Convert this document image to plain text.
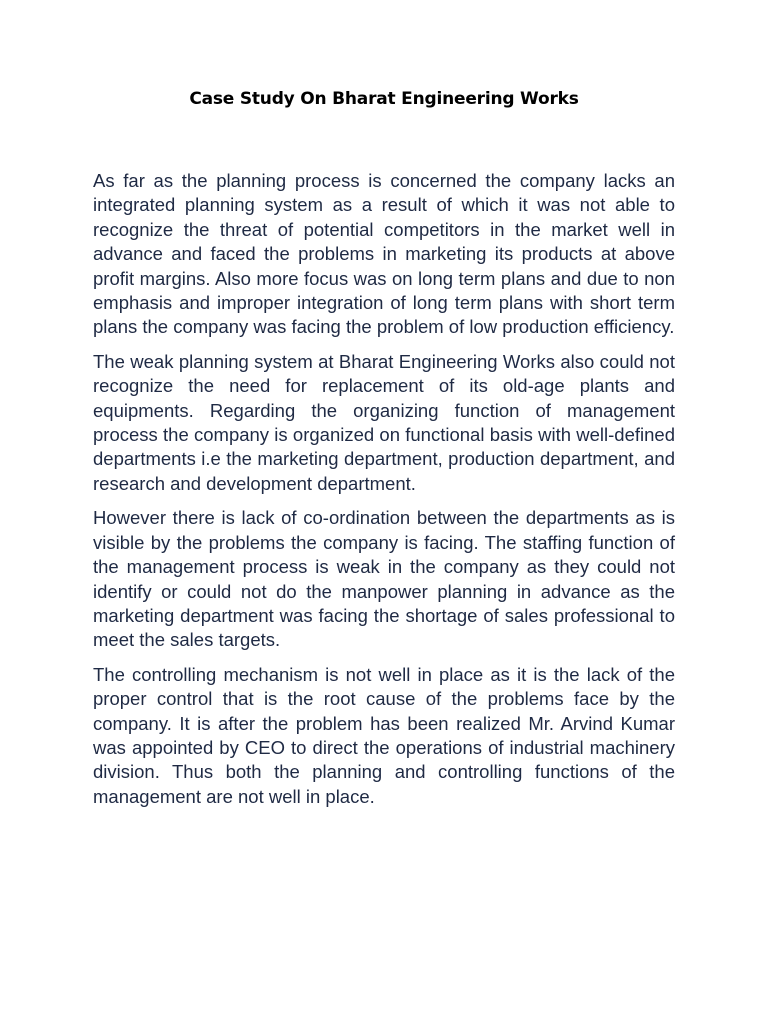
Case Study On Bharat Engineering Works

As far as the planning process is concerned the company lacks an integrated planning system as a result of which it was not able to recognize the threat of potential competitors in the market well in advance and faced the problems in marketing its products at above profit margins. Also more focus was on long term plans and due to non emphasis and improper integration of long term plans with short term plans the company was facing the problem of low production efficiency.

The weak planning system at Bharat Engineering Works also could not recognize the need for replacement of its old-age plants and equipments. Regarding the organizing function of management process the company is organized on functional basis with well-defined departments i.e the marketing department, production department, and research and development department.

However there is lack of co-ordination between the departments as is visible by the problems the company is facing. The staffing function of the management process is weak in the company as they could not identify or could not do the manpower planning in advance as the marketing department was facing the shortage of sales professional to meet the sales targets.

The controlling mechanism is not well in place as it is the lack of the proper control that is the root cause of the problems face by the company. It is after the problem has been realized Mr. Arvind Kumar was appointed by CEO to direct the operations of industrial machinery division. Thus both the planning and controlling functions of the management are not well in place.
